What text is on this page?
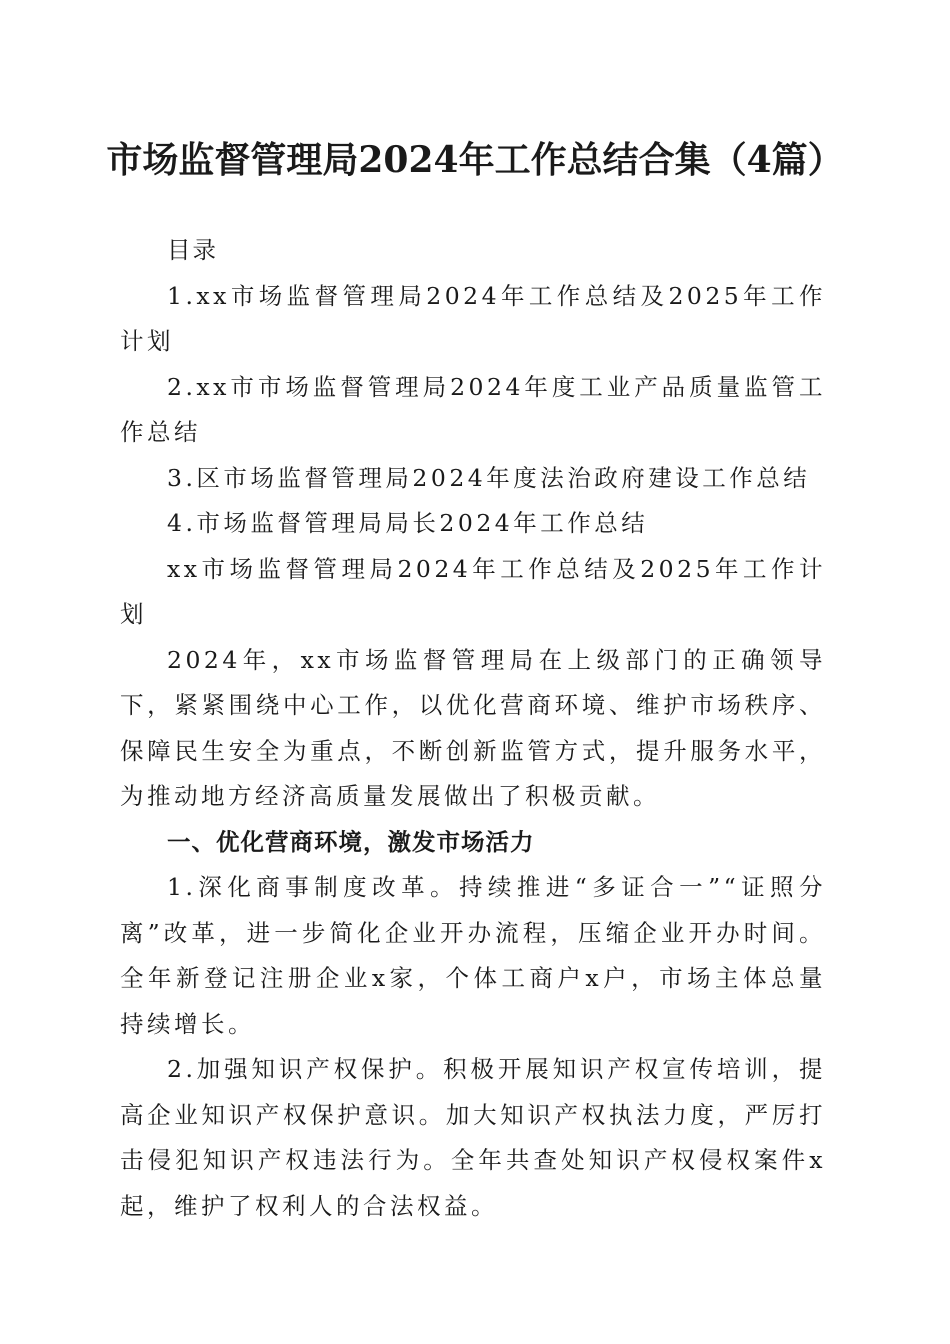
市场监督管理局2024年工作总结合集（4篇）

目录

1.xx市场监督管理局2024年工作总结及2025年工作计划

2.xx市市场监督管理局2024年度工业产品质量监管工作总结

3.区市场监督管理局2024年度法治政府建设工作总结

4.市场监督管理局局长2024年工作总结

xx市场监督管理局2024年工作总结及2025年工作计划

2024年，xx市场监督管理局在上级部门的正确领导下，紧紧围绕中心工作，以优化营商环境、维护市场秩序、保障民生安全为重点，不断创新监管方式，提升服务水平，为推动地方经济高质量发展做出了积极贡献。

一、优化营商环境，激发市场活力

1.深化商事制度改革。持续推进“多证合一”“证照分离”改革，进一步简化企业开办流程，压缩企业开办时间。全年新登记注册企业x家，个体工商户x户，市场主体总量持续增长。

2.加强知识产权保护。积极开展知识产权宣传培训，提高企业知识产权保护意识。加大知识产权执法力度，严厉打击侵犯知识产权违法行为。全年共查处知识产权侵权案件x起，维护了权利人的合法权益。
